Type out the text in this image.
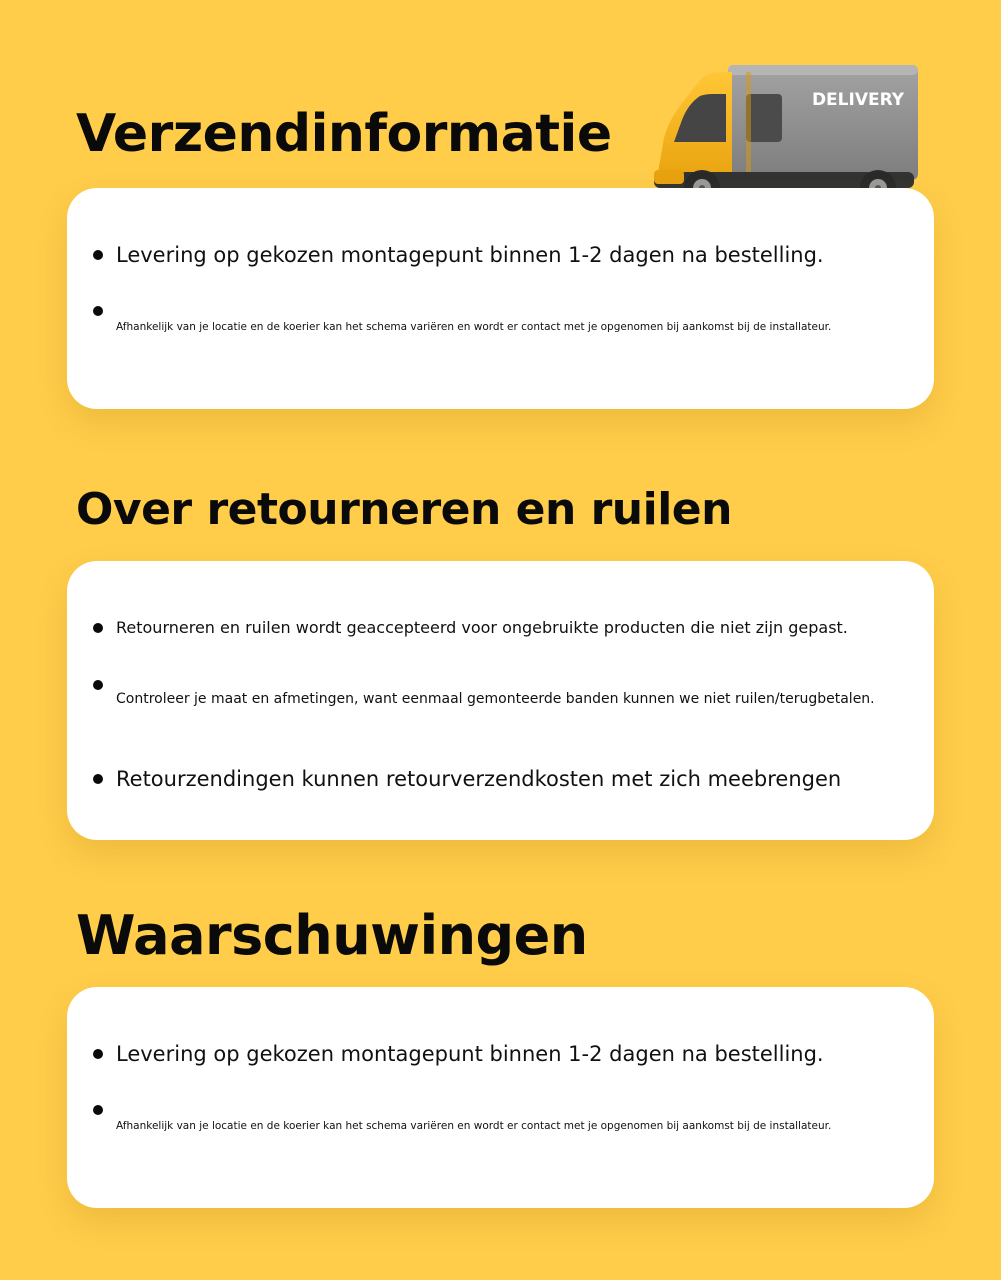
Verzendinformatie
DELIVERY
Levering op gekozen montagepunt binnen 1-2 dagen na bestelling.
Afhankelijk van je locatie en de koerier kan het schema variëren en wordt er contact met je opgenomen bij aankomst bij de installateur.
Over retourneren en ruilen
Retourneren en ruilen wordt geaccepteerd voor ongebruikte producten die niet zijn gepast.
Controleer je maat en afmetingen, want eenmaal gemonteerde banden kunnen we niet ruilen/terugbetalen.
Retourzendingen kunnen retourverzendkosten met zich meebrengen
Waarschuwingen
Levering op gekozen montagepunt binnen 1-2 dagen na bestelling.
Afhankelijk van je locatie en de koerier kan het schema variëren en wordt er contact met je opgenomen bij aankomst bij de installateur.
